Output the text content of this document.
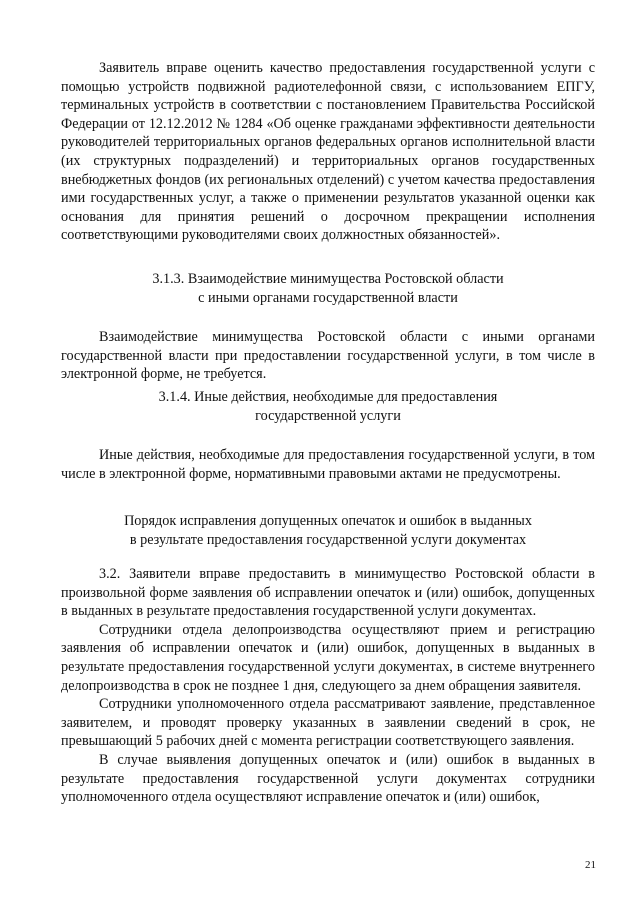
Заявитель вправе оценить качество предоставления государственной услуги с помощью устройств подвижной радиотелефонной связи, с использованием ЕПГУ, терминальных устройств в соответствии с постановлением Правительства Российской Федерации от 12.12.2012 № 1284 «Об оценке гражданами эффективности деятельности руководителей территориальных органов федеральных органов исполнительной власти (их структурных подразделений) и территориальных органов государственных внебюджетных фондов (их региональных отделений) с учетом качества предоставления ими государственных услуг, а также о применении результатов указанной оценки как основания для принятия решений о досрочном прекращении исполнения соответствующими руководителями своих должностных обязанностей».

3.1.3. Взаимодействие минимущества Ростовской области

с иными органами государственной власти

Взаимодействие минимущества Ростовской области с иными органами государственной власти при предоставлении государственной услуги, в том числе в электронной форме, не требуется.

3.1.4. Иные действия, необходимые для предоставления

государственной услуги

Иные действия, необходимые для предоставления государственной услуги, в том числе в электронной форме, нормативными правовыми актами не предусмотрены.

Порядок исправления допущенных опечаток и ошибок в выданных

в результате предоставления государственной услуги документах

3.2. Заявители вправе предоставить в минимущество Ростовской области в произвольной форме заявления об исправлении опечаток и (или) ошибок, допущенных в выданных в результате предоставления государственной услуги документах.

Сотрудники отдела делопроизводства осуществляют прием и регистрацию заявления об исправлении опечаток и (или) ошибок, допущенных в выданных в результате предоставления государственной услуги документах, в системе внутреннего делопроизводства в срок не позднее 1 дня, следующего за днем обращения заявителя.

Сотрудники уполномоченного отдела рассматривают заявление, представленное заявителем, и проводят проверку указанных в заявлении сведений в срок, не превышающий 5 рабочих дней с момента регистрации соответствующего заявления.

В случае выявления допущенных опечаток и (или) ошибок в выданных в результате предоставления государственной услуги документах сотрудники уполномоченного отдела осуществляют исправление опечаток и (или) ошибок,

21
